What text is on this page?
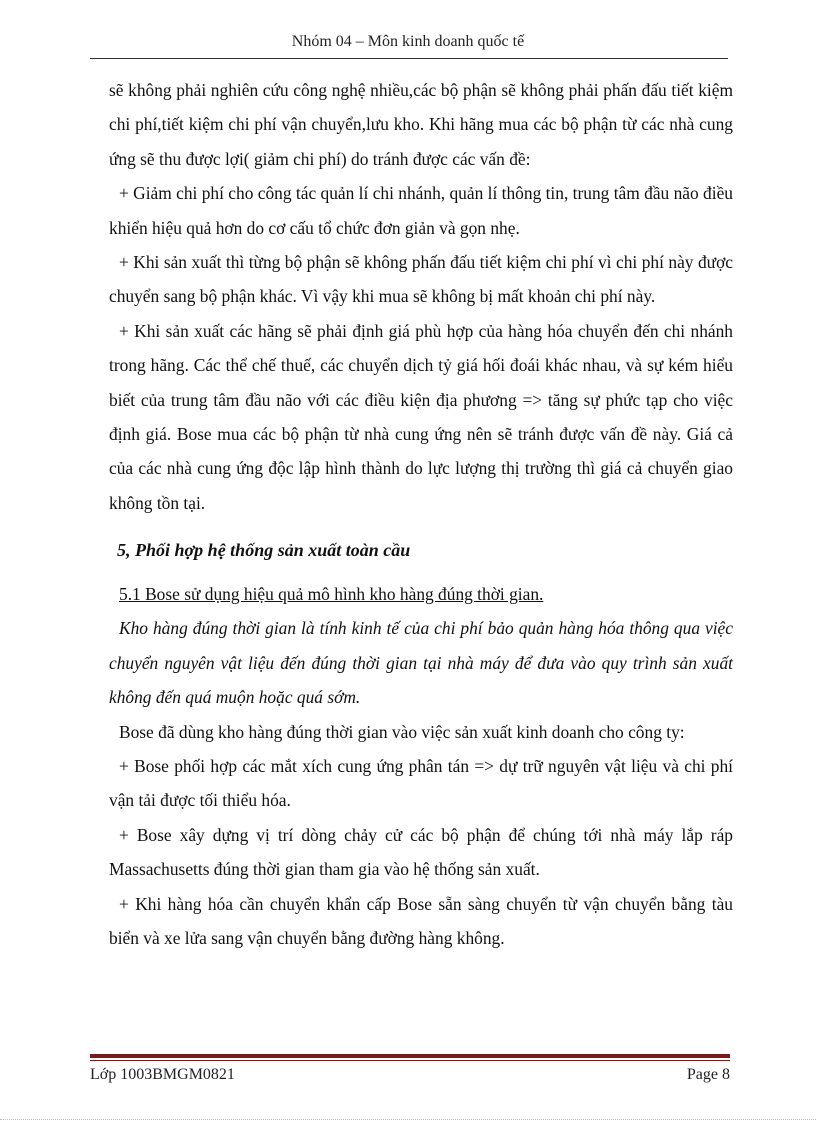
Nhóm 04 – Môn kinh doanh quốc tế

sẽ không phải nghiên cứu công nghệ nhiều,các bộ phận sẽ không phải phấn đấu tiết kiệm chi phí,tiết kiệm chi phí vận chuyển,lưu kho. Khi hãng mua các bộ phận từ các nhà cung ứng sẽ thu được lợi( giảm chi phí) do tránh được các vấn đề:

+ Giảm chi phí cho công tác quản lí chi nhánh, quản lí thông tin, trung tâm đầu não điều khiển hiệu quả hơn do cơ cấu tổ chức đơn giản và gọn nhẹ.

+ Khi sản xuất thì từng bộ phận sẽ không phấn đấu tiết kiệm chi phí vì chi phí này được chuyển sang bộ phận khác. Vì vậy khi mua sẽ không bị mất khoản chi phí này.

+ Khi sản xuất các hãng sẽ phải định giá phù hợp của hàng hóa chuyển đến chi nhánh trong hãng. Các thể chế thuế, các chuyển dịch tỷ giá hối đoái khác nhau, và sự kém hiểu biết của trung tâm đầu não với các điều kiện địa phương => tăng sự phức tạp cho việc định giá. Bose mua các bộ phận từ nhà cung ứng nên sẽ tránh được vấn đề này. Giá cả của các nhà cung ứng độc lập hình thành do lực lượng thị trường thì giá cả chuyển giao không tồn tại.

5, Phối hợp hệ thống sản xuất toàn cầu

5.1 Bose sử dụng hiệu quả mô hình kho hàng đúng thời gian.

Kho hàng đúng thời gian là tính kinh tế của chi phí bảo quản hàng hóa thông qua việc chuyển nguyên vật liệu đến đúng thời gian tại nhà máy để đưa vào quy trình sản xuất không đến quá muộn hoặc quá sớm.

Bose đã dùng kho hàng đúng thời gian vào việc sản xuất kinh doanh cho công ty:

+ Bose phối hợp các mắt xích cung ứng phân tán => dự trữ nguyên vật liệu và chi phí vận tải được tối thiểu hóa.

+ Bose xây dựng vị trí dòng chảy cử các bộ phận để chúng tới nhà máy lắp ráp Massachusetts đúng thời gian tham gia vào hệ thống sản xuất.

+ Khi hàng hóa cần chuyển khẩn cấp Bose sẵn sàng chuyển từ vận chuyển bằng tàu biển và xe lửa sang vận chuyển bằng đường hàng không.

Lớp 1003BMGM0821	Page 8
